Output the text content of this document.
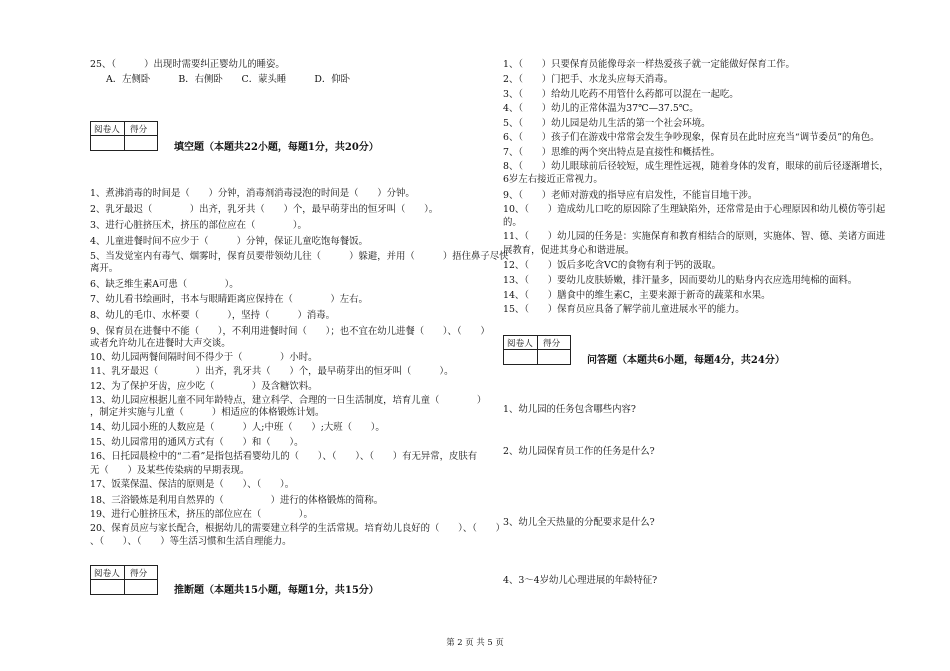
25、（　　　）出现时需要纠正婴幼儿的睡姿。
A．左侧卧　　　B．右侧卧　　C．蒙头睡　　　D．仰卧
阅卷人 得分
填空题（本题共22小题，每题1分，共20分）
1、煮沸消毒的时间是（　　）分钟，消毒剂消毒浸泡的时间是（　　）分钟。
2、乳牙最迟（　　　　）出齐，乳牙共（　　）个，最早萌芽出的恒牙叫（　　）。
3、进行心脏挤压术，挤压的部位应在（　　　　）。
4、儿童进餐时间不应少于（　　　）分钟，保证儿童吃饱每餐饭。
5、当发觉室内有毒气、烟雾时，保育员要带领幼儿往（　　　）躲避，并用（　　　）捂住鼻子尽快
离开。
6、缺乏维生素A可患（　　　　）。
7、幼儿看书绘画时，书本与眼睛距离应保持在（　　　　）左右。
8、幼儿的毛巾、水杯要（　　　），坚持（　　　）消毒。
9、保育员在进餐中不能（　　），不利用进餐时间（　　）；也不宜在幼儿进餐（　　）、（　　）
或者允许幼儿在进餐时大声交谈。
10、幼儿园两餐间隔时间不得少于（　　　　）小时。
11、乳牙最迟（　　　　）出齐，乳牙共（　　）个，最早萌芽出的恒牙叫（　　　）。
12、为了保护牙齿，应少吃（　　　　）及含糖饮料。
13、幼儿园应根据儿童不同年龄特点，建立科学、合理的一日生活制度，培育儿童（　　　　）
，制定并实施与儿童（　　　）相适应的体格锻炼计划。
14、幼儿园小班的人数应是（　　　）人;中班（　　）;大班（　　）。
15、幼儿园常用的通风方式有（　　）和（　　）。
16、日托园晨检中的“二看”是指包括看婴幼儿的（　　）、（　　）、（　　）有无异常，皮肤有
无（　　）及某些传染病的早期表现。
17、饭菜保温、保洁的原则是（　　）、（　　）。
18、三浴锻炼是利用自然界的（　　　　　）进行的体格锻炼的简称。
19、进行心脏挤压术，挤压的部位应在（　　　　）。
20、保育员应与家长配合，根据幼儿的需要建立科学的生活常规。培育幼儿良好的（　　）、（　　）
、（　　）、（　　）等生活习惯和生活自理能力。
阅卷人 得分
推断题（本题共15小题，每题1分，共15分）
1、（　　）只要保育员能像母亲一样热爱孩子就一定能做好保育工作。
2、（　　）门把手、水龙头应每天消毒。
3、（　　）给幼儿吃药不用管什么药都可以混在一起吃。
4、（　　）幼儿的正常体温为37℃—37.5℃。
5、（　　）幼儿园是幼儿生活的第一个社会环境。
6、（　　）孩子们在游戏中常常会发生争吵现象，保育员在此时应充当“调节委员”的角色。
7、（　　）思维的两个突出特点是直接性和概括性。
8、（　　）幼儿眼球前后径较短，成生理性远视，随着身体的发育，眼球的前后径逐渐增长，
6岁左右接近正常视力。
9、（　　）老师对游戏的指导应有启发性，不能盲目地干涉。
10、（　　）造成幼儿口吃的原因除了生理缺陷外，还常常是由于心理原因和幼儿模仿等引起
的。
11、（　　）幼儿园的任务是：实施保育和教育相结合的原则，实施体、智、德、美诸方面进
展教育，促进其身心和谐进展。
12、（　　）饭后多吃含VC的食物有利于钙的汲取。
13、（　　）要幼儿皮肤娇嫩，排汗量多，因而要幼儿的贴身内衣应选用纯棉的面料。
14、（　　）膳食中的维生素C，主要来源于新奇的蔬菜和水果。
15、（　　）保育员应具备了解学前儿童进展水平的能力。
阅卷人 得分
问答题（本题共6小题，每题4分，共24分）
1、幼儿园的任务包含哪些内容?
2、幼儿园保育员工作的任务是什么?
3、幼儿全天热量的分配要求是什么?
4、3～4岁幼儿心理进展的年龄特征?
第 2 页 共 5 页
